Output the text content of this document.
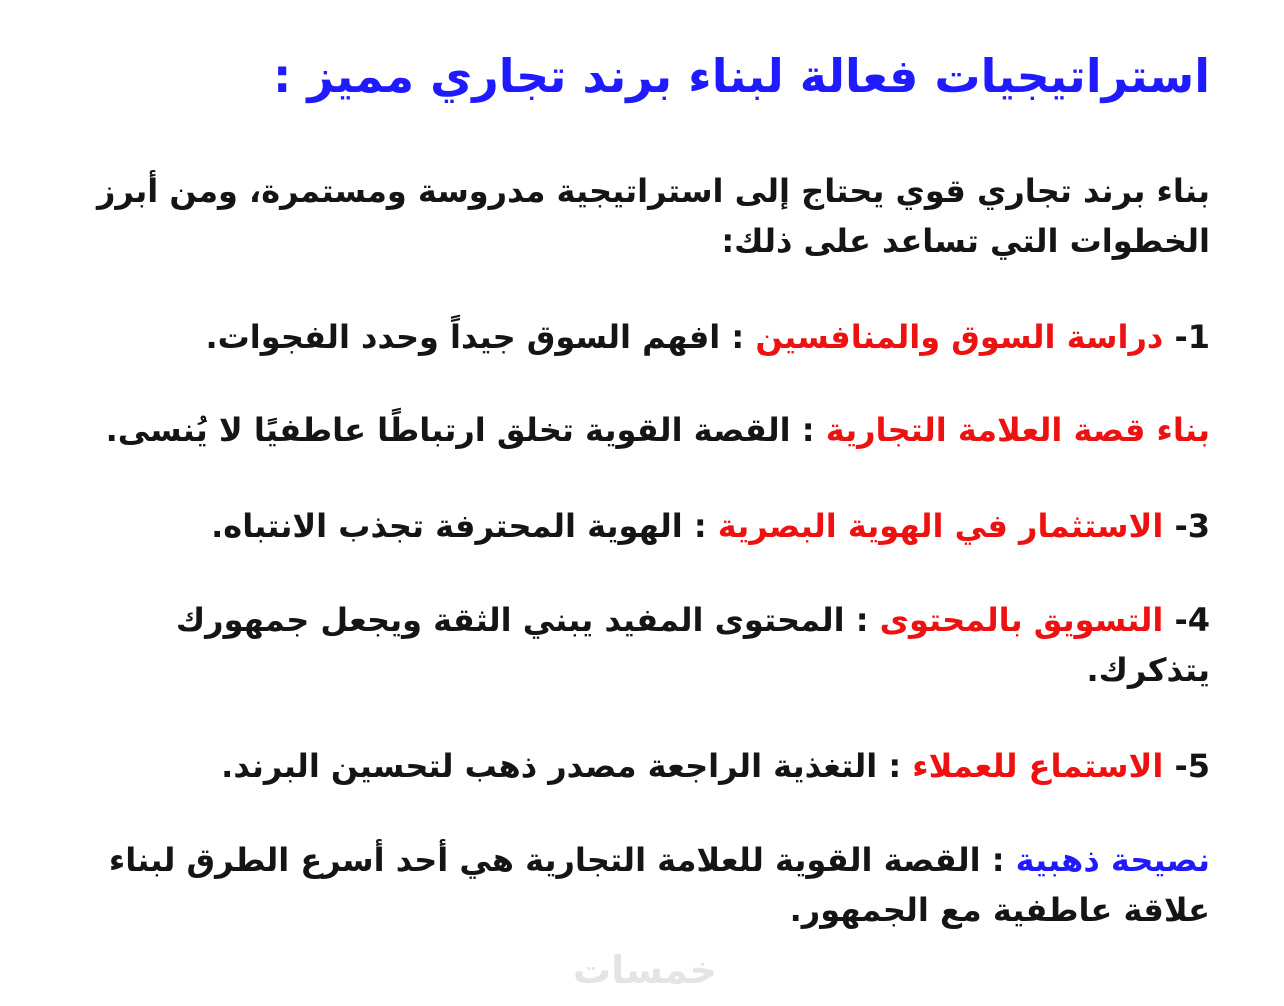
استراتيجيات فعالة لبناء برند تجاري مميز :
بناء برند تجاري قوي يحتاج إلى استراتيجية مدروسة ومستمرة، ومن أبرز الخطوات التي تساعد على ذلك:
1- دراسة السوق والمنافسين : افهم السوق جيداً وحدد الفجوات.
بناء قصة العلامة التجارية : القصة القوية تخلق ارتباطًا عاطفيًا لا يُنسى.
3- الاستثمار في الهوية البصرية : الهوية المحترفة تجذب الانتباه.
4- التسويق بالمحتوى : المحتوى المفيد يبني الثقة ويجعل جمهورك يتذكرك.
5- الاستماع للعملاء : التغذية الراجعة مصدر ذهب لتحسين البرند.
نصيحة ذهبية : القصة القوية للعلامة التجارية هي أحد أسرع الطرق لبناء علاقة عاطفية مع الجمهور.
خمسات
